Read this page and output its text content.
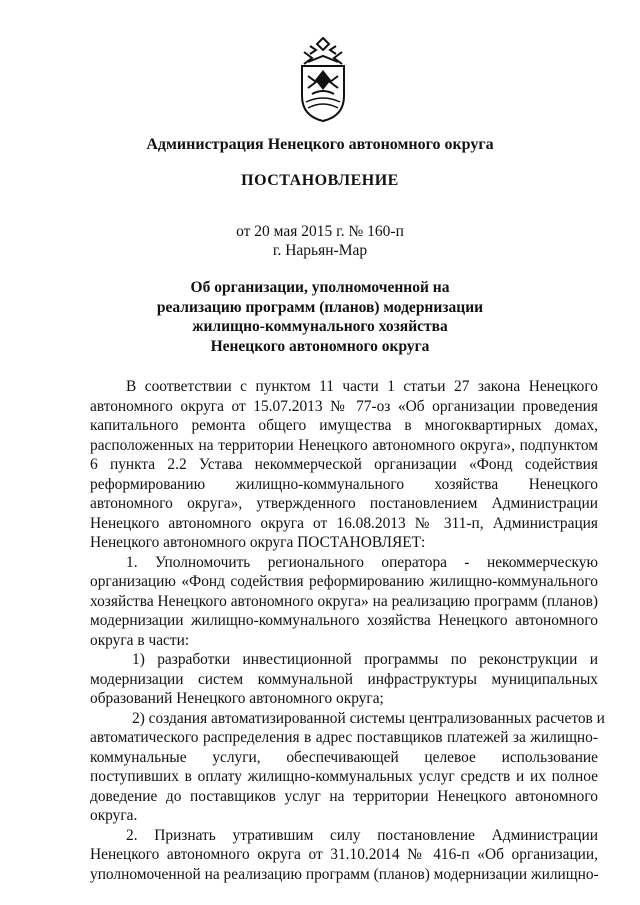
Администрация Ненецкого автономного округа
ПОСТАНОВЛЕНИЕ
от 20 мая 2015 г. № 160-п
г. Нарьян-Мар
Об организации, уполномоченной на
реализацию программ (планов) модернизации
жилищно-коммунального хозяйства
Ненецкого автономного округа
В соответствии с пунктом 11 части 1 статьи 27 закона Ненецкого
автономного округа от 15.07.2013 № 77-оз «Об организации проведения
капитального ремонта общего имущества в многоквартирных домах,
расположенных на территории Ненецкого автономного округа», подпунктом
6 пункта 2.2 Устава некоммерческой организации «Фонд содействия
реформированию жилищно-коммунального хозяйства Ненецкого
автономного округа», утвержденного постановлением Администрации
Ненецкого автономного округа от 16.08.2013 № 311-п, Администрация
Ненецкого автономного округа ПОСТАНОВЛЯЕТ:
1. Уполномочить регионального оператора - некоммерческую
организацию «Фонд содействия реформированию жилищно-коммунального
хозяйства Ненецкого автономного округа» на реализацию программ (планов)
модернизации жилищно-коммунального хозяйства Ненецкого автономного
округа в части:
1) разработки инвестиционной программы по реконструкции и
модернизации систем коммунальной инфраструктуры муниципальных
образований Ненецкого автономного округа;
2) создания автоматизированной системы централизованных расчетов и
автоматического распределения в адрес поставщиков платежей за жилищно-
коммунальные услуги, обеспечивающей целевое использование
поступивших в оплату жилищно-коммунальных услуг средств и их полное
доведение до поставщиков услуг на территории Ненецкого автономного
округа.
2. Признать утратившим силу постановление Администрации
Ненецкого автономного округа от 31.10.2014 № 416-п «Об организации,
уполномоченной на реализацию программ (планов) модернизации жилищно-
